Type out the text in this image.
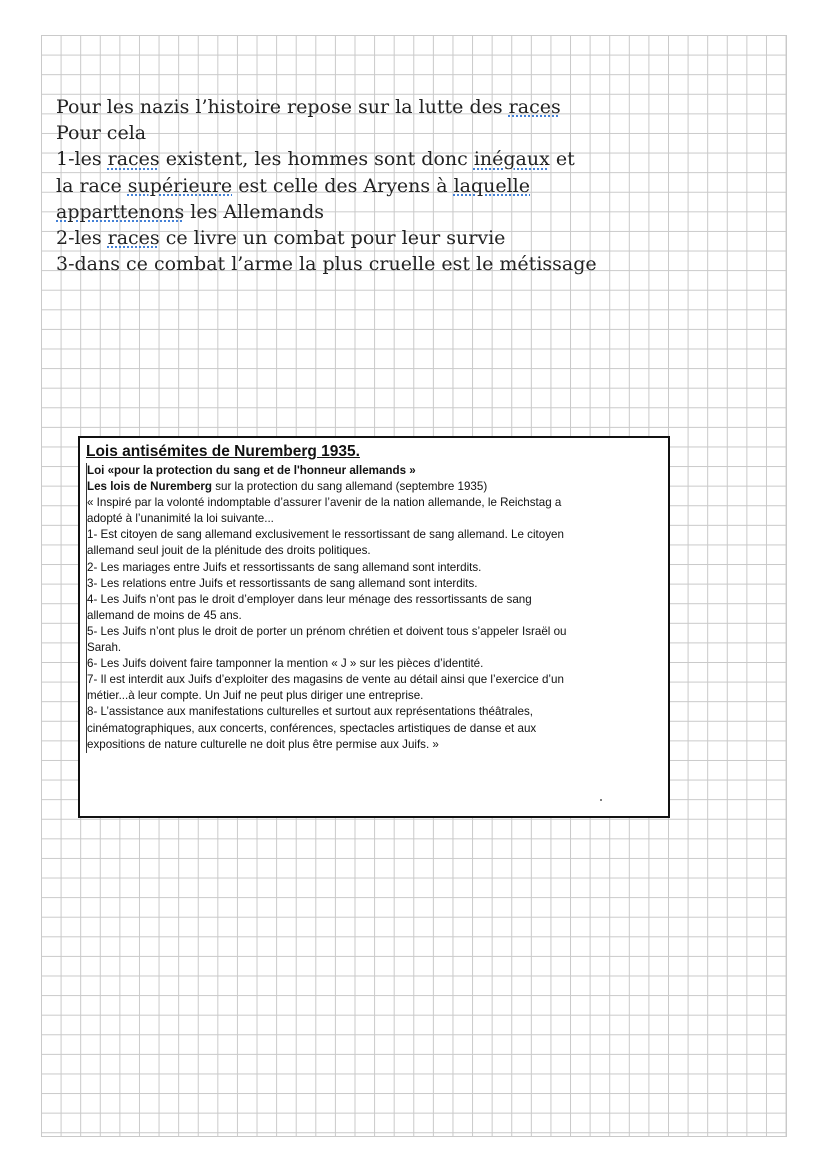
Pour les nazis l’histoire repose sur la lutte des races
Pour cela
1-les races existent, les hommes sont donc inégaux et
la race supérieure est celle des Aryens à laquelle
apparttenons les Allemands
2-les races ce livre un combat pour leur survie
3-dans ce combat l’arme la plus cruelle est le métissage
Lois antisémites de Nuremberg 1935.
Loi «pour la protection du sang et de l'honneur allemands »
Les lois de Nuremberg sur la protection du sang allemand (septembre 1935)
« Inspiré par la volonté indomptable d’assurer l’avenir de la nation allemande, le Reichstag a
adopté à l’unanimité la loi suivante...
1- Est citoyen de sang allemand exclusivement le ressortissant de sang allemand. Le citoyen
allemand seul jouit de la plénitude des droits politiques.
2- Les mariages entre Juifs et ressortissants de sang allemand sont interdits.
3- Les relations entre Juifs et ressortissants de sang allemand sont interdits.
4- Les Juifs n’ont pas le droit d’employer dans leur ménage des ressortissants de sang
allemand de moins de 45 ans.
5- Les Juifs n’ont plus le droit de porter un prénom chrétien et doivent tous s’appeler Israël ou
Sarah.
6- Les Juifs doivent faire tamponner la mention « J » sur les pièces d’identité.
7- Il est interdit aux Juifs d’exploiter des magasins de vente au détail ainsi que l’exercice d’un
métier...à leur compte. Un Juif ne peut plus diriger une entreprise.
8- L’assistance aux manifestations culturelles et surtout aux représentations théâtrales,
cinématographiques, aux concerts, conférences, spectacles artistiques de danse et aux
expositions de nature culturelle ne doit plus être permise aux Juifs. »
